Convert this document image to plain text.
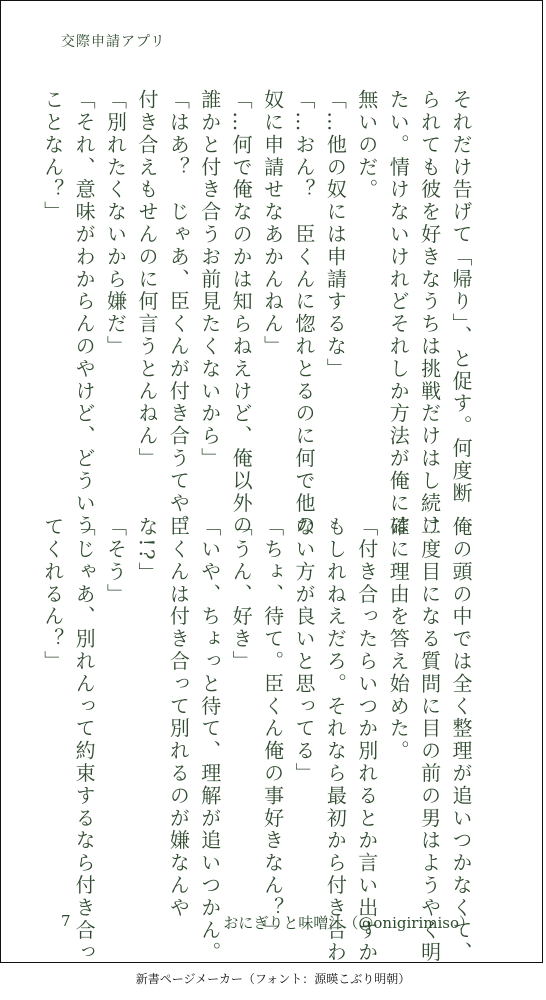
交際申請アプリ
それだけ告げて「帰り」、と促す。何度断
られても彼を好きなうちは挑戦だけはし続け
たい。情けないけれどそれしか方法が俺には
無いのだ。
「…他の奴には申請するな」
「…おん？　臣くんに惚れとるのに何で他の
奴に申請せなあかんねん」
「…何で俺なのかは知らねえけど、俺以外の
誰かと付き合うお前見たくないから」
「はあ？　じゃあ、臣くんが付き合うてや。
付き合えもせんのに何言うとんねん」
「別れたくないから嫌だ」
「それ、意味がわからんのやけど、どういう
ことなん？」
俺の頭の中では全く整理が追いつかなくて、
二度目になる質問に目の前の男はようやく明
確に理由を答え始めた。
「付き合ったらいつか別れるとか言い出すか
もしれねえだろ。それなら最初から付き合わ
ない方が良いと思ってる」
「ちょ、待て。臣くん俺の事好きなん？」
「うん、好き」
「いや、ちょっと待て、理解が追いつかん。
臣くんは付き合って別れるのが嫌なんや
な!?」
「そう」
「じゃあ、別れんって約束するなら付き合っ
てくれるん？」
7	おにぎりと味噌汁（@onigirimiso）
新書ページメーカー（フォント：源暎こぶり明朝）
